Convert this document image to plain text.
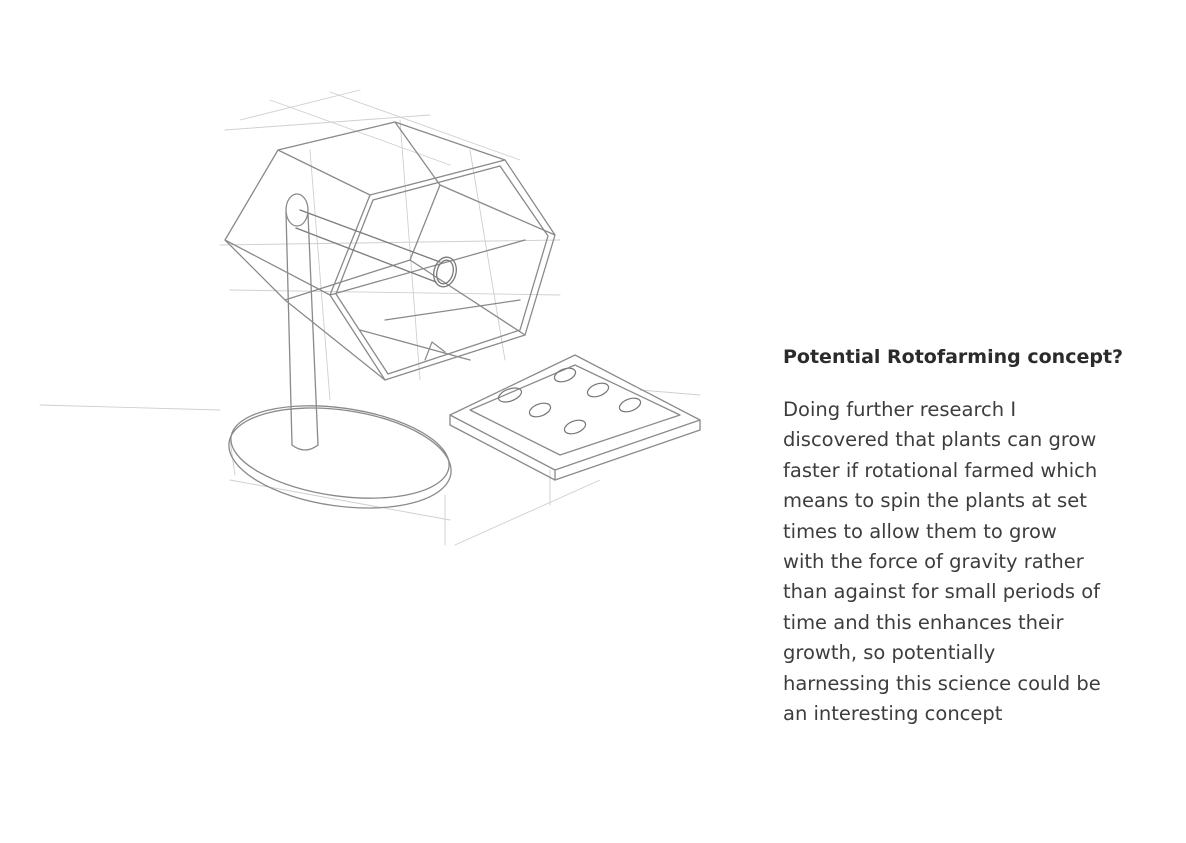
Potential Rotofarming concept?

Doing further research I discovered that plants can grow faster if rotational farmed which means to spin the plants at set times to allow them to grow with the force of gravity rather than against for small periods of time and this enhances their growth, so potentially harnessing this science could be an interesting concept
